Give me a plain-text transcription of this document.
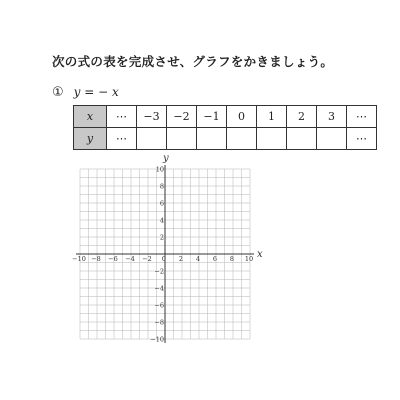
次の式の表を完成させ、グラフをかきましょう。
① y = − x
x	⋯	−3	−2	−1	0	1	2	3	⋯
y	⋯								⋯
−10 −8 −6 −4 −2 0 2 4 6 8 10
10
8
6
4
2
−2
−4
−6
−8
−10
x
y
